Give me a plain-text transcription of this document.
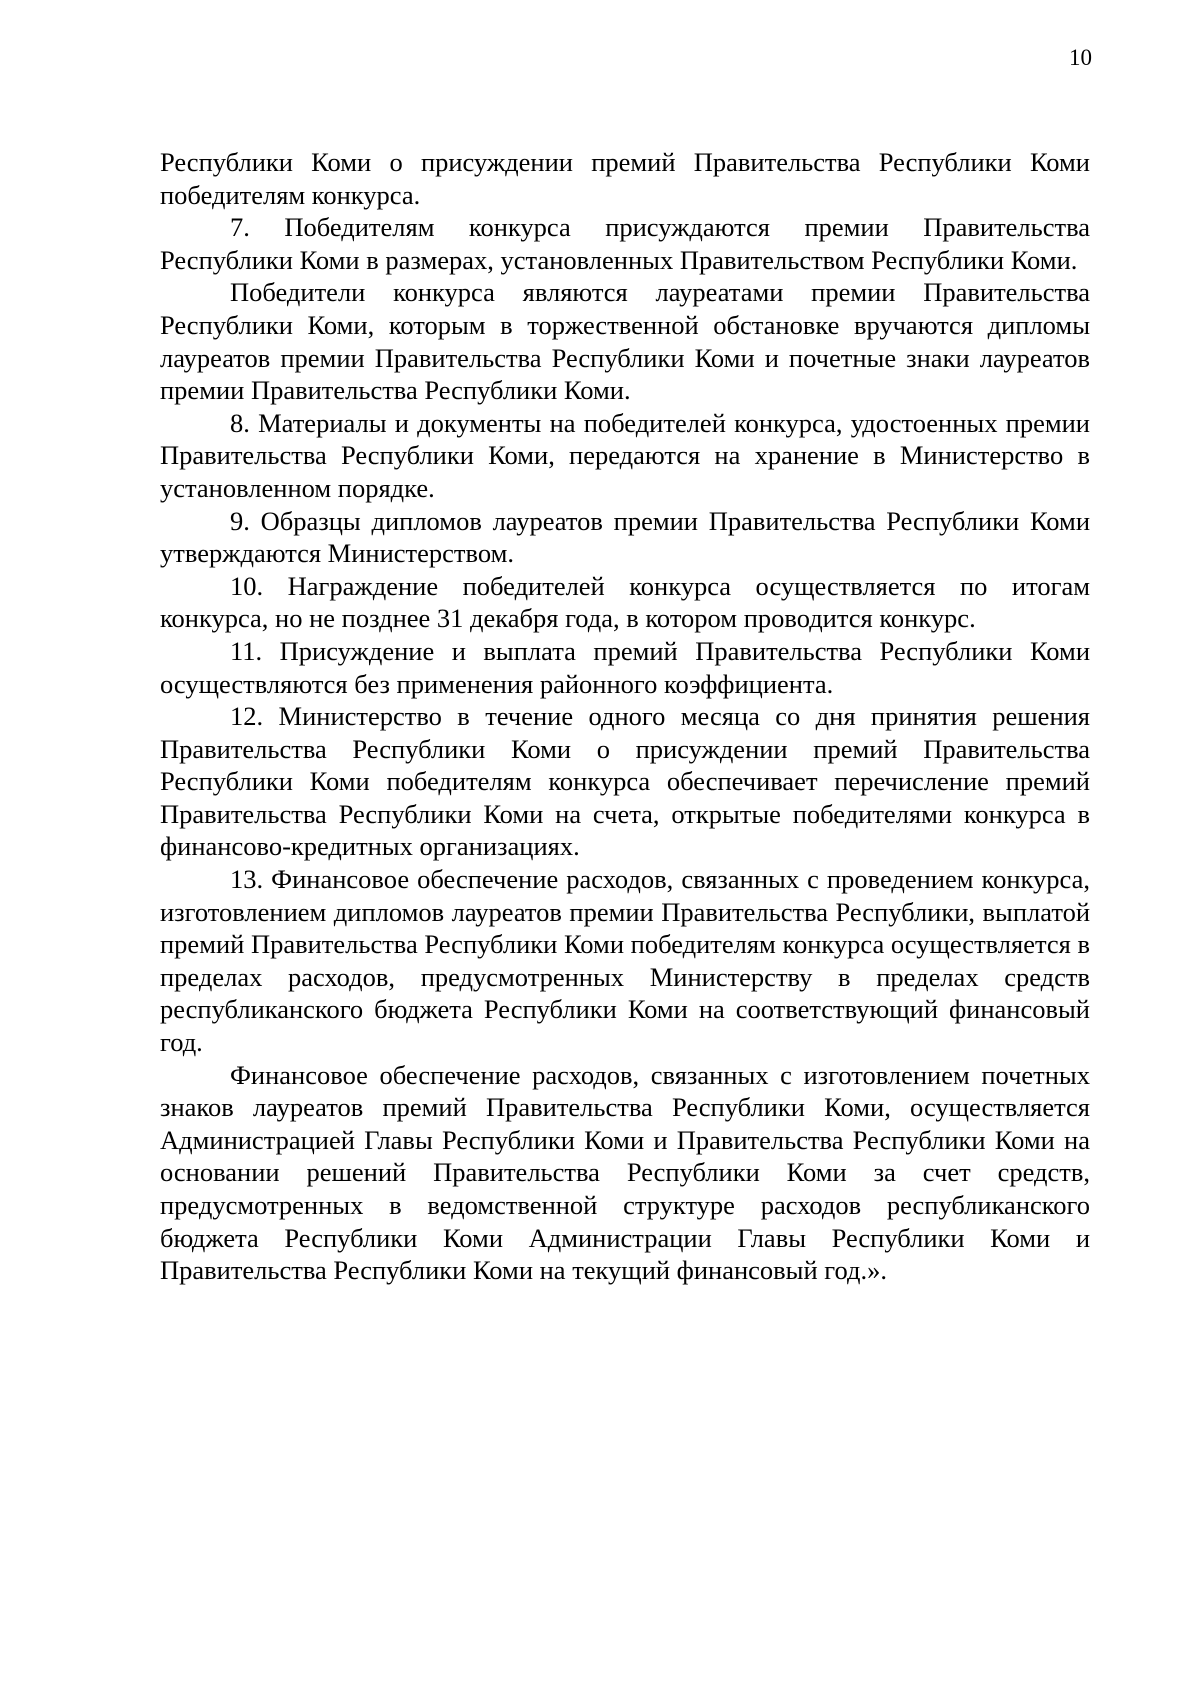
10

Республики Коми о присуждении премий Правительства Республики Коми победителям конкурса.

7. Победителям конкурса присуждаются премии Правительства Республики Коми в размерах, установленных Правительством Республики Коми.

Победители конкурса являются лауреатами премии Правительства Республики Коми, которым в торжественной обстановке вручаются дипломы лауреатов премии Правительства Республики Коми и почетные знаки лауреатов премии Правительства Республики Коми.

8. Материалы и документы на победителей конкурса, удостоенных премии Правительства Республики Коми, передаются на хранение в Министерство в установленном порядке.

9. Образцы дипломов лауреатов премии Правительства Республики Коми утверждаются Министерством.

10. Награждение победителей конкурса осуществляется по итогам конкурса, но не позднее 31 декабря года, в котором проводится конкурс.

11. Присуждение и выплата премий Правительства Республики Коми осуществляются без применения районного коэффициента.

12. Министерство в течение одного месяца со дня принятия решения Правительства Республики Коми о присуждении премий Правительства Республики Коми победителям конкурса обеспечивает перечисление премий Правительства Республики Коми на счета, открытые победителями конкурса в финансово-кредитных организациях.

13. Финансовое обеспечение расходов, связанных с проведением конкурса, изготовлением дипломов лауреатов премии Правительства Республики, выплатой премий Правительства Республики Коми победителям конкурса осуществляется в пределах расходов, предусмотренных Министерству в пределах средств республиканского бюджета Республики Коми на соответствующий финансовый год.

Финансовое обеспечение расходов, связанных с изготовлением почетных знаков лауреатов премий Правительства Республики Коми, осуществляется Администрацией Главы Республики Коми и Правительства Республики Коми на основании решений Правительства Республики Коми за счет средств, предусмотренных в ведомственной структуре расходов республиканского бюджета Республики Коми Администрации Главы Республики Коми и Правительства Республики Коми на текущий финансовый год.».
